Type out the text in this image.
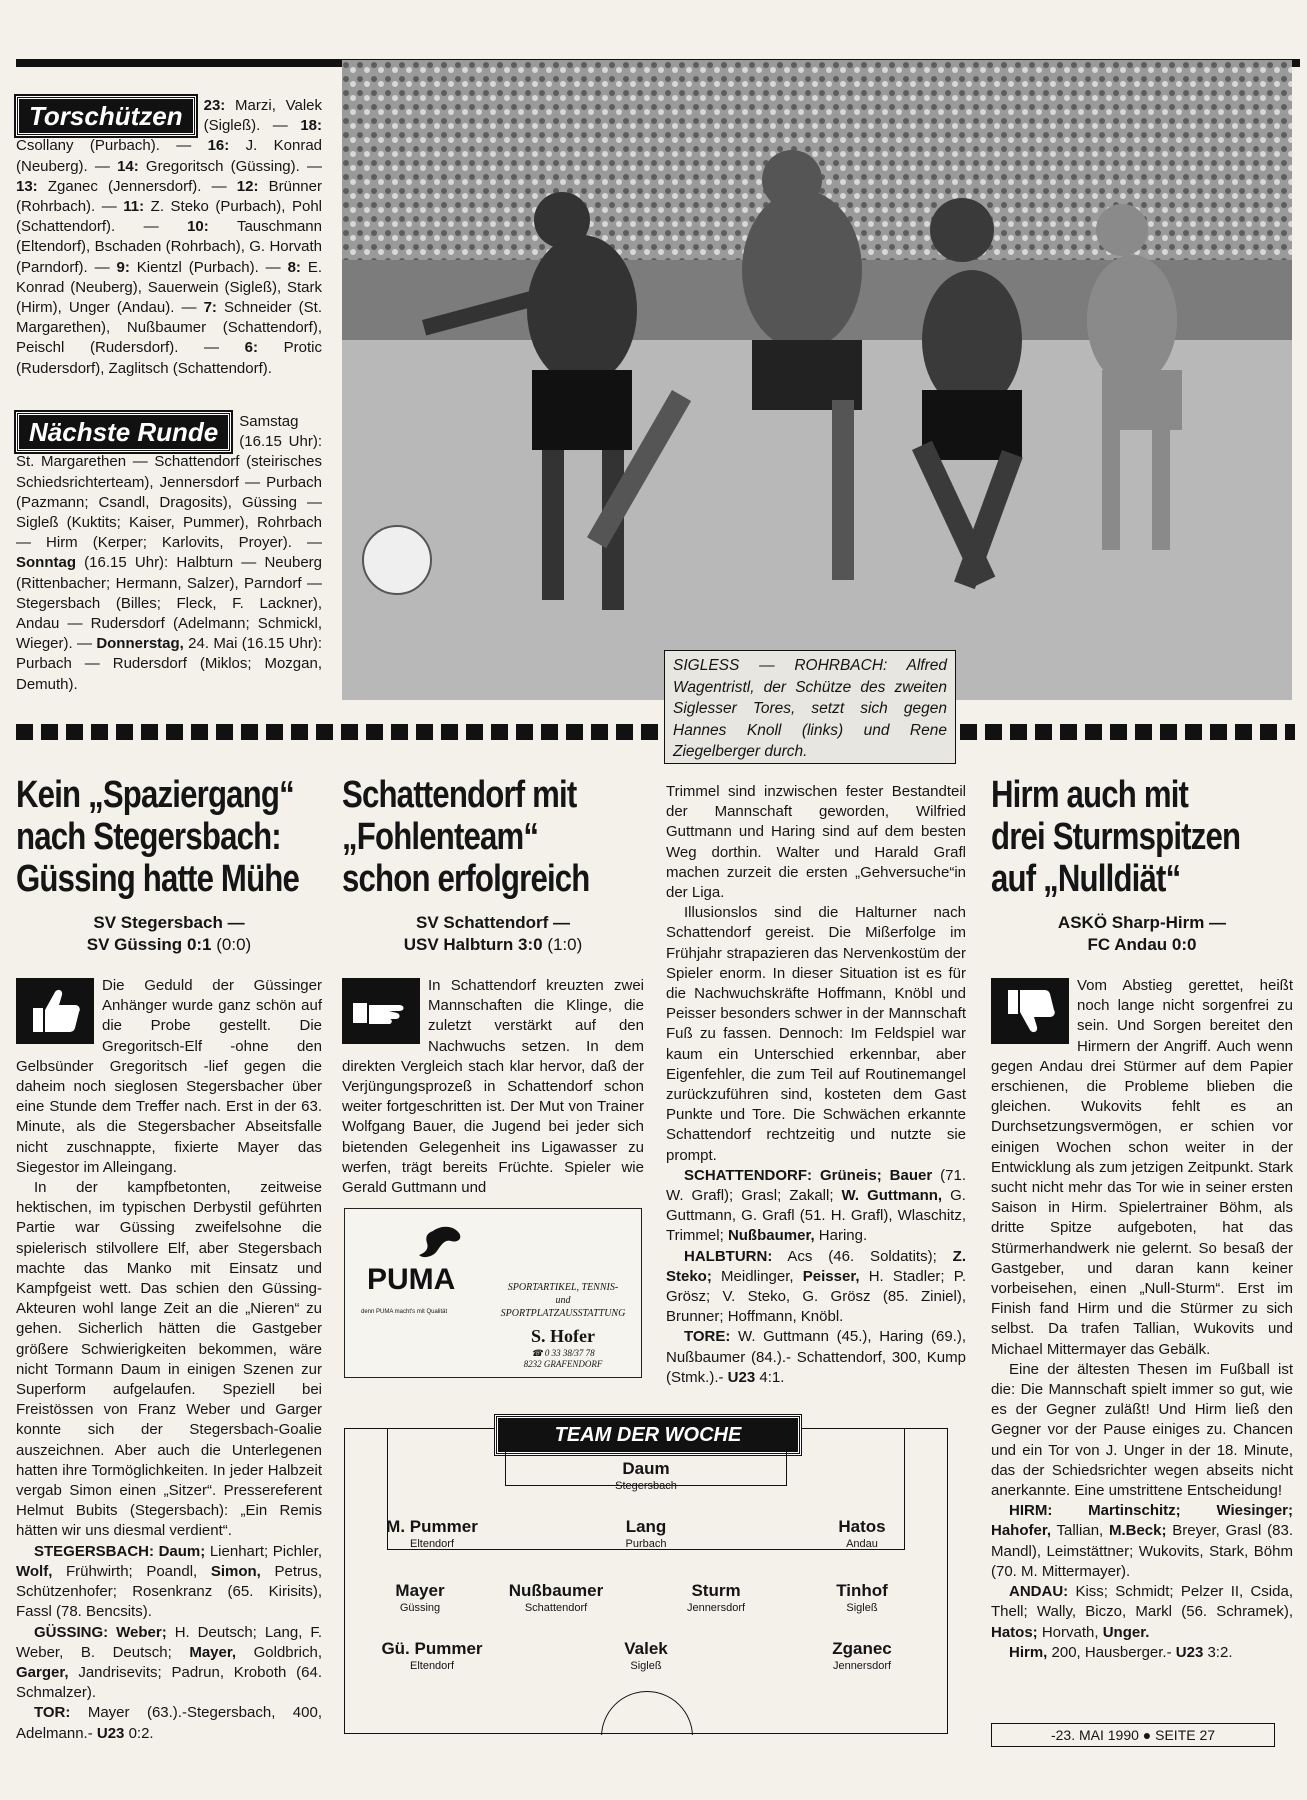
Torschützen	23: Marzi, Valek (Sigleß). — 18: Csollany (Purbach). — 16: J. Konrad (Neuberg). — 14: Gregoritsch (Güssing). — 13: Zganec (Jennersdorf). — 12: Brünner (Rohrbach). — 11: Z. Steko (Purbach), Pohl (Schattendorf). — 10: Tauschmann (Eltendorf), Bschaden (Rohrbach), G. Horvath (Parndorf). — 9: Kientzl (Purbach). — 8: E. Konrad (Neuberg), Sauerwein (Sigleß), Stark (Hirm), Unger (Andau). — 7: Schneider (St. Margarethen), Nußbaumer (Schattendorf), Peischl (Rudersdorf). — 6: Protic (Rudersdorf), Zaglitsch (Schattendorf).
Nächste Runde	Samstag (16.15 Uhr): St. Margarethen — Schattendorf (steirisches Schiedsrichterteam), Jennersdorf — Purbach (Pazmann; Csandl, Dragosits), Güssing — Sigleß (Kuktits; Kaiser, Pummer), Rohrbach — Hirm (Kerper; Karlovits, Proyer). — Sonntag (16.15 Uhr): Halbturn — Neuberg (Rittenbacher; Hermann, Salzer), Parndorf — Stegersbach (Billes; Fleck, F. Lackner), Andau — Rudersdorf (Adelmann; Schmickl, Wieger). — Donnerstag, 24. Mai (16.15 Uhr): Purbach — Rudersdorf (Miklos; Mozgan, Demuth).
SIGLESS — ROHRBACH: Alfred Wagentristl, der Schütze des zweiten Siglesser Tores, setzt sich gegen Hannes Knoll (links) und Rene Ziegelberger durch.
Kein „Spaziergang“
nach Stegersbach:
Güssing hatte Mühe
SV Stegersbach —
SV Güssing 0:1 (0:0)
Die Geduld der Güssinger Anhänger wurde ganz schön auf die Probe gestellt. Die Gregoritsch-Elf -ohne den Gelbsünder Gregoritsch -lief gegen die daheim noch sieglosen Stegersbacher über eine Stunde dem Treffer nach. Erst in der 63. Minute, als die Stegersbacher Abseitsfalle nicht zuschnappte, fixierte Mayer das Siegestor im Alleingang.
In der kampfbetonten, zeitweise hektischen, im typischen Derbystil geführten Partie war Güssing zweifelsohne die spielerisch stilvollere Elf, aber Stegersbach machte das Manko mit Einsatz und Kampfgeist wett. Das schien den Güssing-Akteuren wohl lange Zeit an die „Nieren“ zu gehen. Sicherlich hätten die Gastgeber größere Schwierigkeiten bekommen, wäre nicht Tormann Daum in einigen Szenen zur Superform aufgelaufen. Speziell bei Freistössen von Franz Weber und Garger konnte sich der Stegersbach-Goalie auszeichnen. Aber auch die Unterlegenen hatten ihre Tormöglichkeiten. In jeder Halbzeit vergab Simon einen „Sitzer“. Pressereferent Helmut Bubits (Stegersbach): „Ein Remis hätten wir uns diesmal verdient“.
STEGERSBACH: Daum; Lienhart; Pichler, Wolf, Frühwirth; Poandl, Simon, Petrus, Schützenhofer; Rosenkranz (65. Kirisits), Fassl (78. Bencsits).
GÜSSING: Weber; H. Deutsch; Lang, F. Weber, B. Deutsch; Mayer, Goldbrich, Garger, Jandrisevits; Padrun, Kroboth (64. Schmalzer).
TOR: Mayer (63.).-Stegersbach, 400, Adelmann.- U23 0:2.
Schattendorf mit
„Fohlenteam“
schon erfolgreich
SV Schattendorf —
USV Halbturn 3:0 (1:0)
In Schattendorf kreuzten zwei Mannschaften die Klinge, die zuletzt verstärkt auf den Nachwuchs setzen. In dem direkten Vergleich stach klar hervor, daß der Verjüngungsprozeß in Schattendorf schon weiter fortgeschritten ist. Der Mut von Trainer Wolfgang Bauer, die Jugend bei jeder sich bietenden Gelegenheit ins Ligawasser zu werfen, trägt bereits Früchte. Spieler wie Gerald Guttmann und
PUMA
denn PUMA macht's mit Qualität
SPORTARTIKEL, TENNIS-
und
SPORTPLATZAUSSTATTUNG
S. Hofer
☎ 0 33 38/37 78
8232 GRAFENDORF
Trimmel sind inzwischen fester Bestandteil der Mannschaft geworden, Wilfried Guttmann und Haring sind auf dem besten Weg dorthin. Walter und Harald Grafl machen zurzeit die ersten „Gehversuche“in der Liga.
Illusionslos sind die Halturner nach Schattendorf gereist. Die Mißerfolge im Frühjahr strapazieren das Nervenkostüm der Spieler enorm. In dieser Situation ist es für die Nachwuchskräfte Hoffmann, Knöbl und Peisser besonders schwer in der Mannschaft Fuß zu fassen. Dennoch: Im Feldspiel war kaum ein Unterschied erkennbar, aber Eigenfehler, die zum Teil auf Routinemangel zurückzuführen sind, kosteten dem Gast Punkte und Tore. Die Schwächen erkannte Schattendorf rechtzeitig und nutzte sie prompt.
SCHATTENDORF: Grüneis; Bauer (71. W. Grafl); Grasl; Zakall; W. Guttmann, G. Guttmann, G. Grafl (51. H. Grafl), Wlaschitz, Trimmel; Nußbaumer, Haring.
HALBTURN: Acs (46. Soldatits); Z. Steko; Meidlinger, Peisser, H. Stadler; P. Grösz; V. Steko, G. Grösz (85. Ziniel), Brunner; Hoffmann, Knöbl.
TORE: W. Guttmann (45.), Haring (69.), Nußbaumer (84.).- Schattendorf, 300, Kump (Stmk.).- U23 4:1.
TEAM DER WOCHE
Daum
Stegersbach
M. Pummer
Eltendorf
Lang
Purbach
Hatos
Andau
Mayer
Güssing
Nußbaumer
Schattendorf
Sturm
Jennersdorf
Tinhof
Sigleß
Gü. Pummer
Eltendorf
Valek
Sigleß
Zganec
Jennersdorf
Hirm auch mit
drei Sturmspitzen
auf „Nulldiät“
ASKÖ Sharp-Hirm —
FC Andau 0:0
Vom Abstieg gerettet, heißt noch lange nicht sorgenfrei zu sein. Und Sorgen bereitet den Hirmern der Angriff. Auch wenn gegen Andau drei Stürmer auf dem Papier erschienen, die Probleme blieben die gleichen. Wukovits fehlt es an Durchsetzungsvermögen, er schien vor einigen Wochen schon weiter in der Entwicklung als zum jetzigen Zeitpunkt. Stark sucht nicht mehr das Tor wie in seiner ersten Saison in Hirm. Spielertrainer Böhm, als dritte Spitze aufgeboten, hat das Stürmerhandwerk nie gelernt. So besaß der Gastgeber, und daran kann keiner vorbeisehen, einen „Null-Sturm“. Erst im Finish fand Hirm und die Stürmer zu sich selbst. Da trafen Tallian, Wukovits und Michael Mittermayer das Gebälk.
Eine der ältesten Thesen im Fußball ist die: Die Mannschaft spielt immer so gut, wie es der Gegner zuläßt! Und Hirm ließ den Gegner vor der Pause einiges zu. Chancen und ein Tor von J. Unger in der 18. Minute, das der Schiedsrichter wegen abseits nicht anerkannte. Eine umstrittene Entscheidung!
HIRM: Martinschitz; Wiesinger; Hahofer, Tallian, M.Beck; Breyer, Grasl (83. Mandl), Leimstättner; Wukovits, Stark, Böhm (70. M. Mittermayer).
ANDAU: Kiss; Schmidt; Pelzer II, Csida, Thell; Wally, Biczo, Markl (56. Schramek), Hatos; Horvath, Unger.
Hirm, 200, Hausberger.- U23 3:2.
-23. MAI 1990 ● SEITE 27
